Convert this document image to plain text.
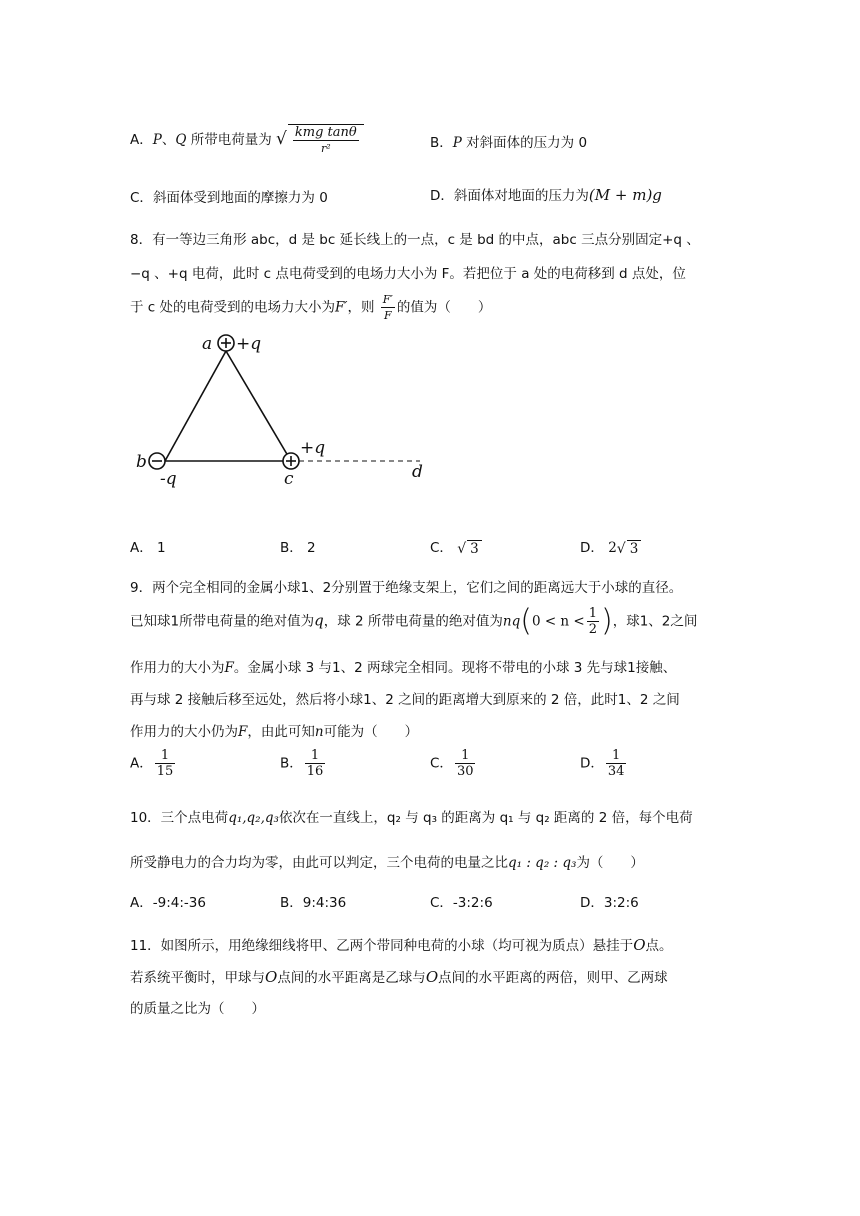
A．P、Q 所带电荷量为 √ $\frac{\text{kmg tanθ}}{\text{r²}}$	B．P 对斜面体的压力为 0
C．斜面体受到地面的摩擦力为 0	D．斜面体对地面的压力为(M + m)g
8．有一等边三角形 abc，d 是 bc 延长线上的一点，c 是 bd 的中点，abc 三点分别固定+q 、
−q 、+q 电荷，此时 c 点电荷受到的电场力大小为 F。若把位于 a 处的电荷移到 d 点处，位
于 c 处的电荷受到的电场力大小为F′，则 $\frac{F'}{F}$ 的值为（　　）
a +q
b
-q	c
+q
d
A． 1	B． 2	C． √ 3	D． 2√ 3
9．两个完全相同的金属小球1、2分别置于绝缘支架上，它们之间的距离远大于小球的直径。
已知球1所带电荷量的绝对值为q，球 2 所带电荷量的绝对值为$nq(0 < n < \frac{1}{2}$ )，球1、2之间
作用力的大小为F。金属小球 3 与1、2 两球完全相同。现将不带电的小球 3 先与球1接触、
再与球 2 接触后移至远处，然后将小球1、2 之间的距离增大到原来的 2 倍，此时1、2 之间
作用力的大小仍为F，由此可知n可能为（　　）
A． $\frac{1}{15}$	B． $\frac{1}{16}$	C． $\frac{1}{30}$	D． $\frac{1}{34}$
10．三个点电荷q₁,q₂,q₃依次在一直线上，q₂ 与 q₃ 的距离为 q₁ 与 q₂ 距离的 2 倍，每个电荷
所受静电力的合力均为零，由此可以判定，三个电荷的电量之比q₁ : q₂ : q₃为（　　）
A．-9:4:-36	B．9:4:36	C．-3:2:6	D．3:2:6
11．如图所示，用绝缘细线将甲、乙两个带同种电荷的小球（均可视为质点）悬挂于O点。
若系统平衡时，甲球与O点间的水平距离是乙球与O点间的水平距离的两倍，则甲、乙两球
的质量之比为（　　）
